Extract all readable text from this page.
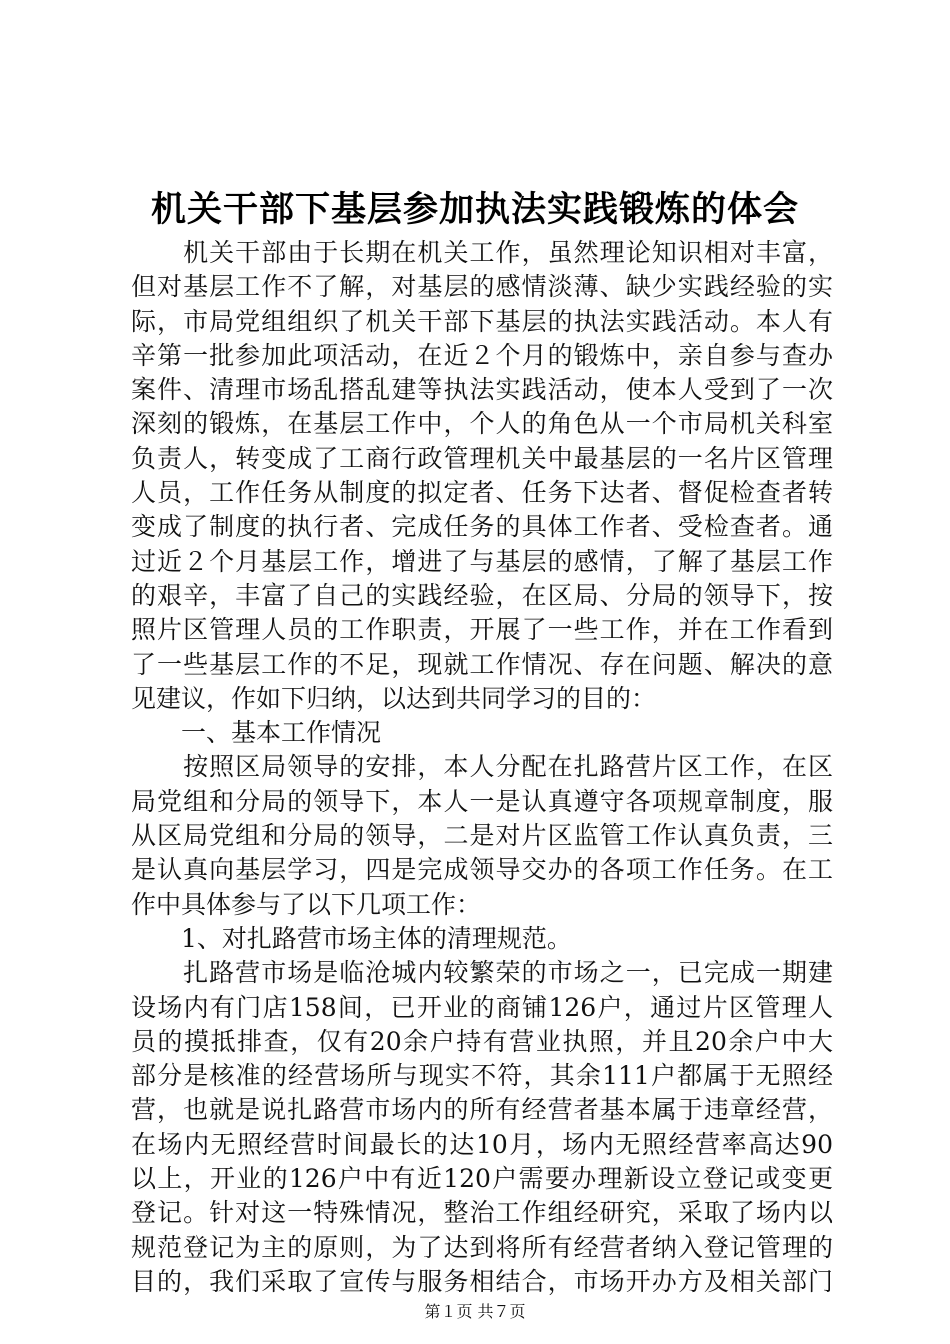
机关干部下基层参加执法实践锻炼的体会
　　机关干部由于长期在机关工作，虽然理论知识相对丰富，
但对基层工作不了解，对基层的感情淡薄、缺少实践经验的实
际，市局党组组织了机关干部下基层的执法实践活动。本人有
辛第一批参加此项活动，在近２个月的锻炼中，亲自参与查办
案件、清理市场乱搭乱建等执法实践活动，使本人受到了一次
深刻的锻炼，在基层工作中，个人的角色从一个市局机关科室
负责人，转变成了工商行政管理机关中最基层的一名片区管理
人员，工作任务从制度的拟定者、任务下达者、督促检查者转
变成了制度的执行者、完成任务的具体工作者、受检查者。通
过近２个月基层工作，增进了与基层的感情，了解了基层工作
的艰辛，丰富了自己的实践经验，在区局、分局的领导下，按
照片区管理人员的工作职责，开展了一些工作，并在工作看到
了一些基层工作的不足，现就工作情况、存在问题、解决的意
见建议，作如下归纳，以达到共同学习的目的：
　　一、基本工作情况
　　按照区局领导的安排，本人分配在扎路营片区工作，在区
局党组和分局的领导下，本人一是认真遵守各项规章制度，服
从区局党组和分局的领导，二是对片区监管工作认真负责，三
是认真向基层学习，四是完成领导交办的各项工作任务。在工
作中具体参与了以下几项工作：
　　1、对扎路营市场主体的清理规范。
　　扎路营市场是临沧城内较繁荣的市场之一，已完成一期建
设场内有门店158间，已开业的商铺126户，通过片区管理人
员的摸抵排查，仅有20余户持有营业执照，并且20余户中大
部分是核准的经营场所与现实不符，其余111户都属于无照经
营，也就是说扎路营市场内的所有经营者基本属于违章经营，
在场内无照经营时间最长的达10月，场内无照经营率高达90
以上，开业的126户中有近120户需要办理新设立登记或变更
登记。针对这一特殊情况，整治工作组经研究，采取了场内以
规范登记为主的原则，为了达到将所有经营者纳入登记管理的
目的，我们采取了宣传与服务相结合，市场开办方及相关部门
第１页 共７页
